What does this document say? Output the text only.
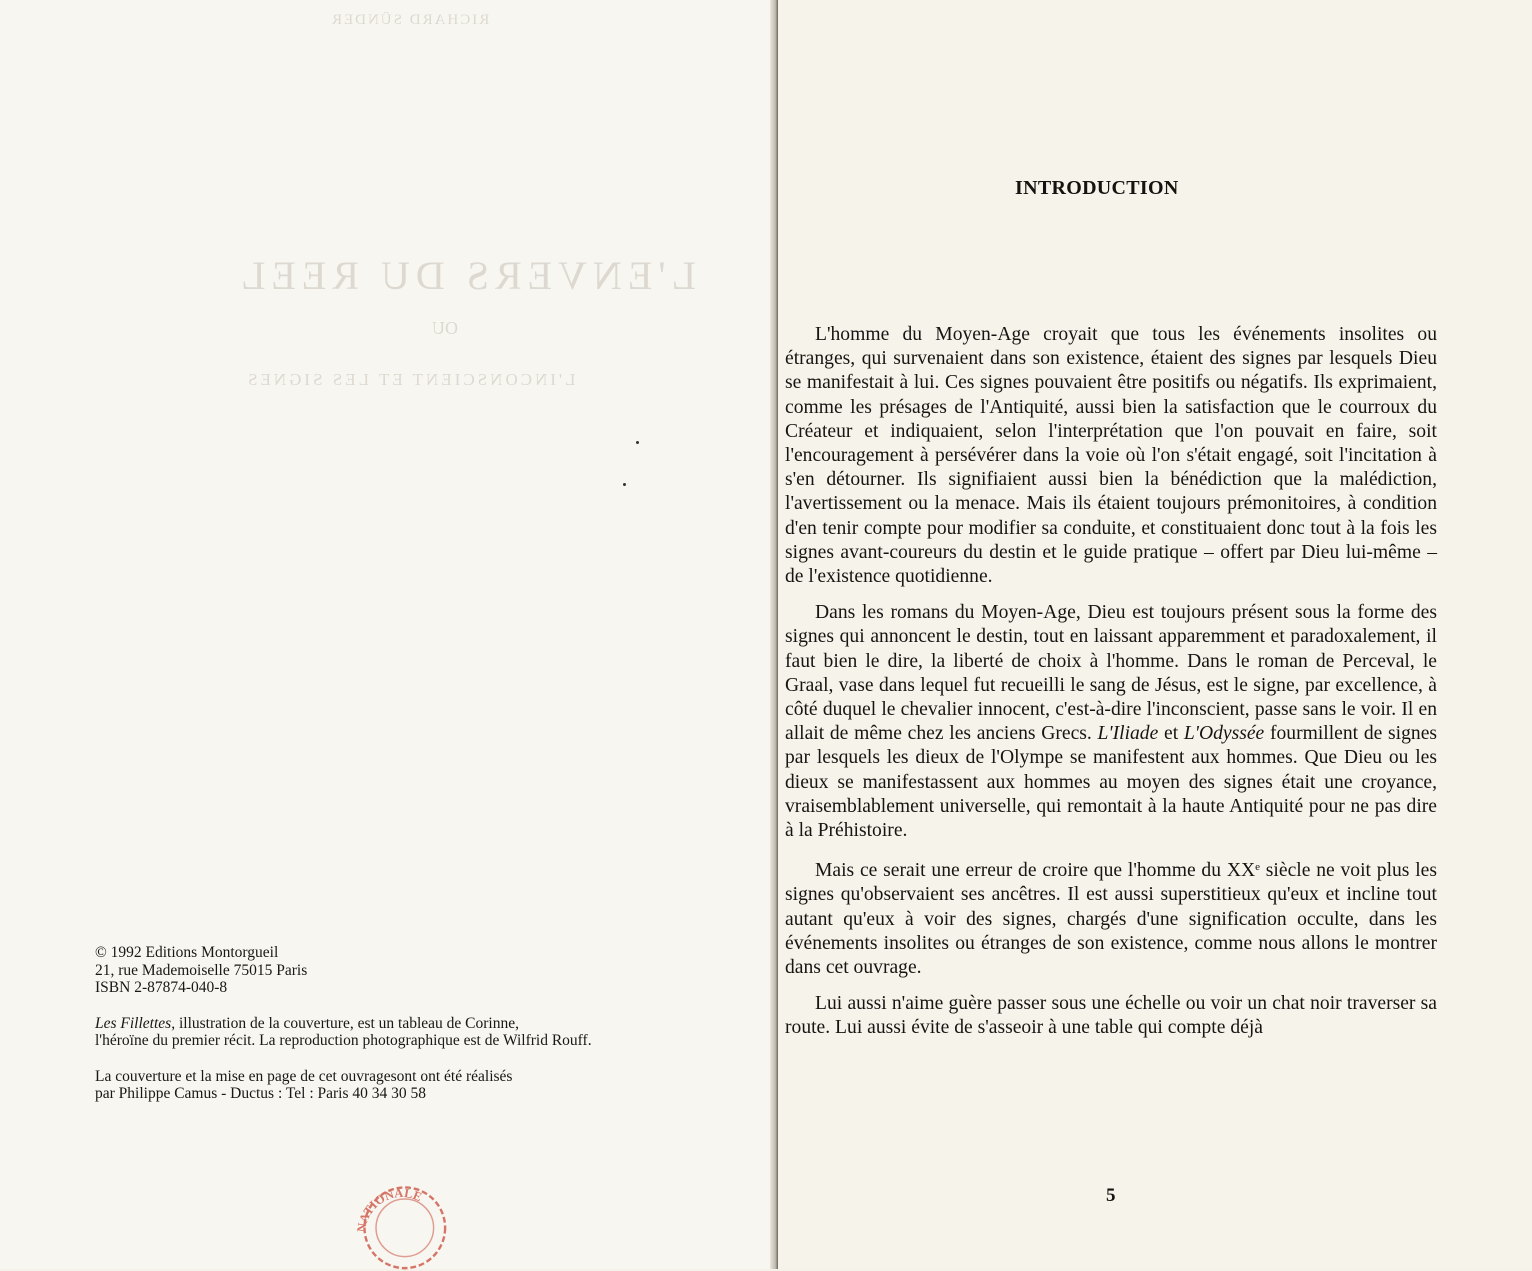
RICHARD SÜNDER
L'ENVERS DU REEL
OU
L'INCONSCIENT ET LES SIGNES
© 1992 Editions Montorgueil
21, rue Mademoiselle 75015 Paris
ISBN 2-87874-040-8
Les Fillettes, illustration de la couverture, est un tableau de Corinne,
l'héroïne du premier récit. La reproduction photographique est de Wilfrid Rouff.
La couverture et la mise en page de cet ouvragesont ont été réalisés
par Philippe Camus - Ductus : Tel : Paris 40 34 30 58
NATIONALE
INTRODUCTION

L'homme du Moyen-Age croyait que tous les événements insolites ou étranges, qui survenaient dans son existence, étaient des signes par lesquels Dieu se manifestait à lui. Ces signes pouvaient être positifs ou négatifs. Ils exprimaient, comme les présages de l'Antiquité, aussi bien la satisfaction que le courroux du Créateur et indiquaient, selon l'interprétation que l'on pouvait en faire, soit l'encouragement à persévérer dans la voie où l'on s'était engagé, soit l'incitation à s'en détourner. Ils signifiaient aussi bien la bénédiction que la malédiction, l'avertissement ou la menace. Mais ils étaient toujours prémonitoires, à condition d'en tenir compte pour modifier sa conduite, et constituaient donc tout à la fois les signes avant-coureurs du destin et le guide pratique – offert par Dieu lui-même – de l'existence quotidienne.

Dans les romans du Moyen-Age, Dieu est toujours présent sous la forme des signes qui annoncent le destin, tout en laissant apparemment et paradoxalement, il faut bien le dire, la liberté de choix à l'homme. Dans le roman de Perceval, le Graal, vase dans lequel fut recueilli le sang de Jésus, est le signe, par excellence, à côté duquel le chevalier innocent, c'est-à-dire l'inconscient, passe sans le voir. Il en allait de même chez les anciens Grecs. L'Iliade et L'Odyssée fourmillent de signes par lesquels les dieux de l'Olympe se manifestent aux hommes. Que Dieu ou les dieux se manifestassent aux hommes au moyen des signes était une croyance, vraisemblablement universelle, qui remontait à la haute Antiquité pour ne pas dire à la Préhistoire.

Mais ce serait une erreur de croire que l'homme du XXe siècle ne voit plus les signes qu'observaient ses ancêtres. Il est aussi superstitieux qu'eux et incline tout autant qu'eux à voir des signes, chargés d'une signification occulte, dans les événements insolites ou étranges de son existence, comme nous allons le montrer dans cet ouvrage.

Lui aussi n'aime guère passer sous une échelle ou voir un chat noir traverser sa route. Lui aussi évite de s'asseoir à une table qui compte déjà

5
